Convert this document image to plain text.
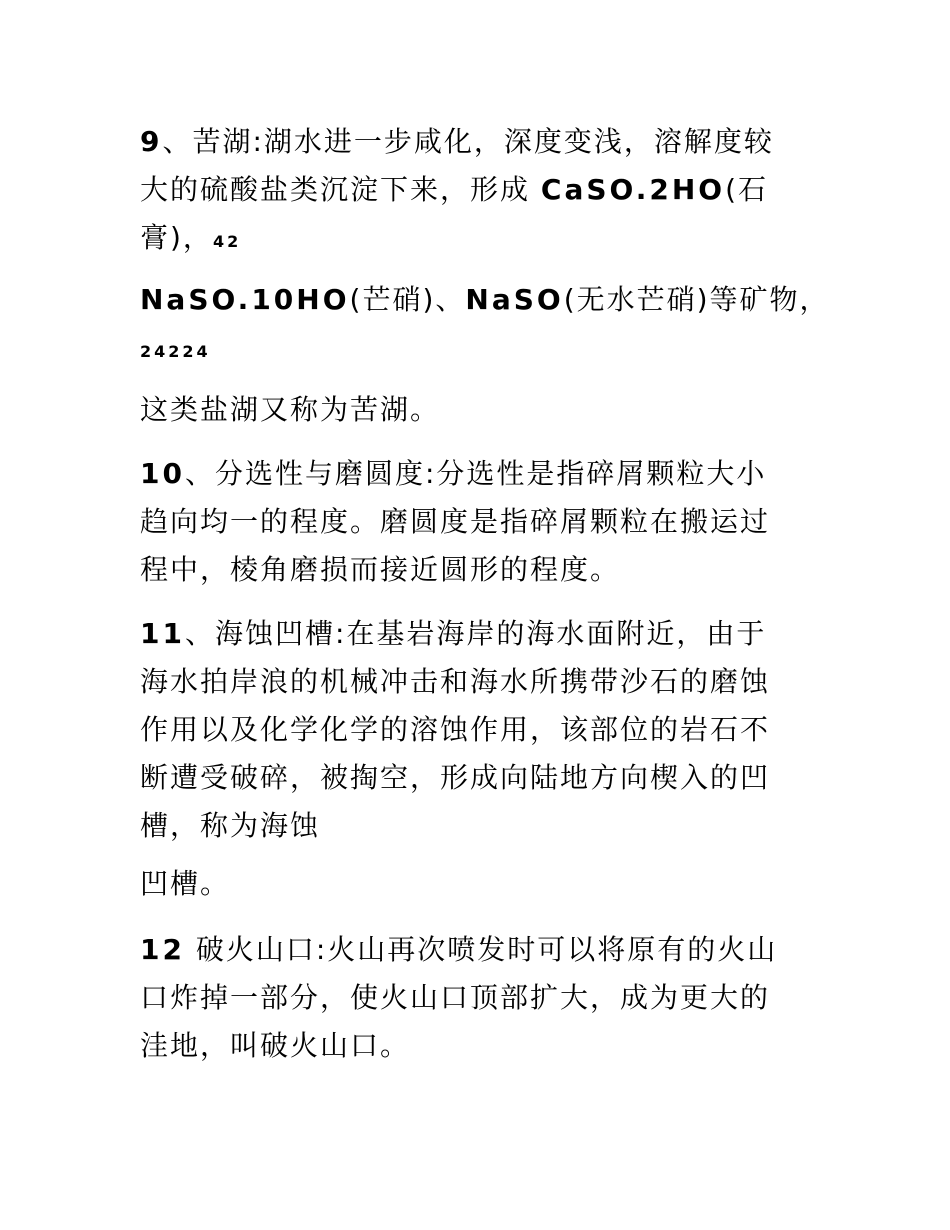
9、苦湖:湖水进一步咸化，深度变浅，溶解度较
大的硫酸盐类沉淀下来，形成 CaSO.2HO(石
膏)，42
NaSO.10HO(芒硝)、NaSO(无水芒硝)等矿物，
24224
这类盐湖又称为苦湖。
10、分选性与磨圆度:分选性是指碎屑颗粒大小
趋向均一的程度。磨圆度是指碎屑颗粒在搬运过
程中，棱角磨损而接近圆形的程度。
11、海蚀凹槽:在基岩海岸的海水面附近，由于
海水拍岸浪的机械冲击和海水所携带沙石的磨蚀
作用以及化学化学的溶蚀作用，该部位的岩石不
断遭受破碎，被掏空，形成向陆地方向楔入的凹
槽，称为海蚀
凹槽。
12 破火山口:火山再次喷发时可以将原有的火山
口炸掉一部分，使火山口顶部扩大，成为更大的
洼地，叫破火山口。
